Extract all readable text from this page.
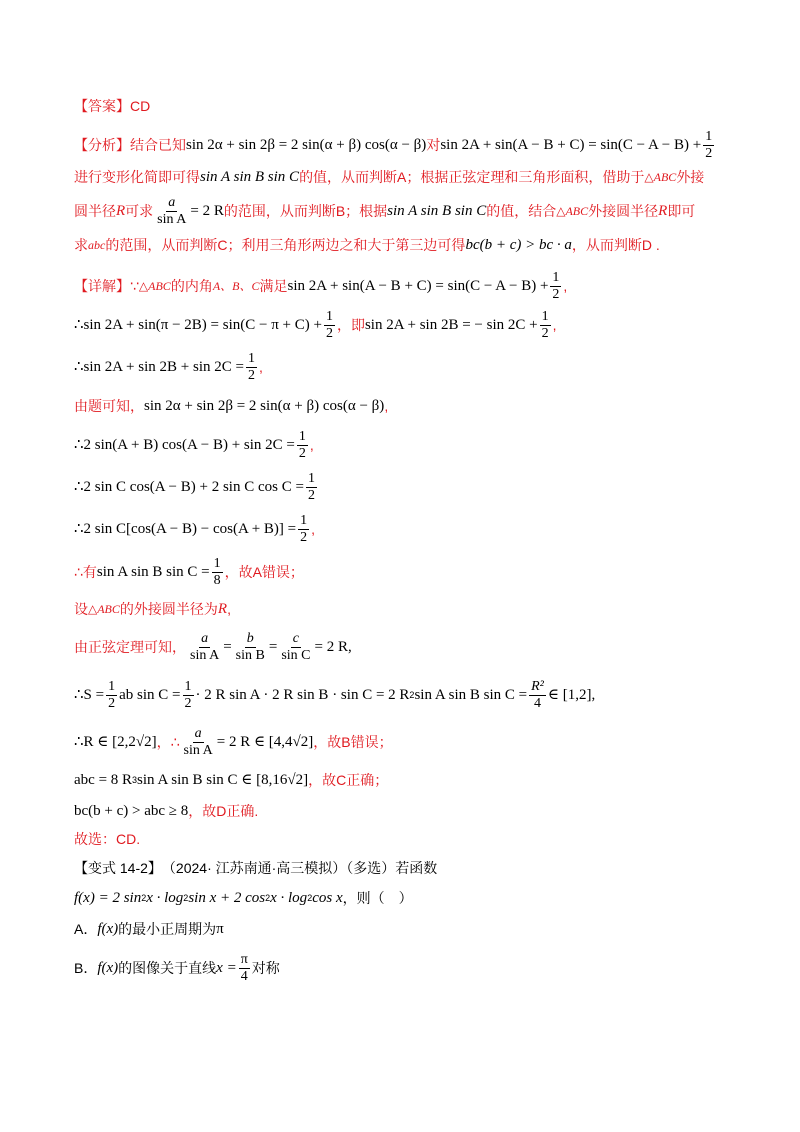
【答案】 CD
【分析】 结合已知 sin 2α + sin 2β = 2 sin(α + β) cos(α − β) 对 $\sin 2A + \sin(A - B + C) = \sin(C - A - B) + \frac{1}{2}$
进行变形化简即可得 sin A sin B sin C 的值，从而判断A；根据正弦定理和三角形面积，借助于 △ABC 外接
圆半径 R 可求 $\frac{a}{\text{sin A}} = 2$ R 的范围，从而判断B；根据 sin A sin B sin C 的值，结合 △ABC 外接圆半径 R 即可
求 abc 的范围，从而判断C；利用三角形两边之和大于第三边可得 bc(b + c) > bc · a ，从而判断D .
【详解】 ∵ △ABC 的内角 A、B、C 满足 $\sin 2A + \sin(A - B + C) = \sin(C - A - B) + \frac{1}{2}$ ,
∴sin $2A + \sin(\pi - 2B) = \sin(C - \pi + C) + \frac{1}{2}$ ，即 sin 2A + sin 2B = − $\sin 2C + \frac{1}{2}$ ,
∴sin $2A + \sin 2B + \sin 2C = \frac{1}{2}$ ,
由题可知， sin 2α + sin 2β = 2 sin(α + β) cos(α − β) ,
∴2 sin(A + B) $\cos(A - B) + \sin 2C = \frac{1}{2}$ ,
∴2 sin C cos(A − B) + 2 sin C $\cos C = \frac{1}{2}$
∴2 $\sin C[\cos(A - B) - \cos(A + B)] = \frac{1}{2}$ ,
∴有 sin A sin B $\sin C = \frac{1}{8}$ ，故A错误；
设 △ABC 的外接圆半径为 R ,
由正弦定理可知， $\frac{a}{\text{sin A}} = \frac{b}{\text{sin B}} = \frac{c}{\text{sin C}} = 2$ R,
∴S = $\frac{1}{2}$ ab $\sin C = \frac{1}{2} \cdot 2$ R sin A · 2 R sin B · sin C = 2 R 2 sin A sin B $\sin C = \frac{\text{R²}}{4}$ ∈ [1,2],
∴R ∈ [2,2√2] ，∴ $\frac{a}{\text{sin A}} = 2$ R ∈ [4,4√2] ，故B错误；
abc = 8 R 3 sin A sin B sin C ∈ [8,16√2] ，故C正确；
bc(b + c) > abc ≥ 8 ，故D正确.
故选：CD.
【变式 14-2】 （2024· 江苏南通·高三模拟）（多选）若函数
f(x) = 2 sin 2 x · log 2 sin x + 2 cos 2 x · log 2 cos x ，则（　）
A． f(x) 的最小正周期为 π
B． f(x) 的图像关于直线 $x = \frac{\pi}{4}$ 对称
